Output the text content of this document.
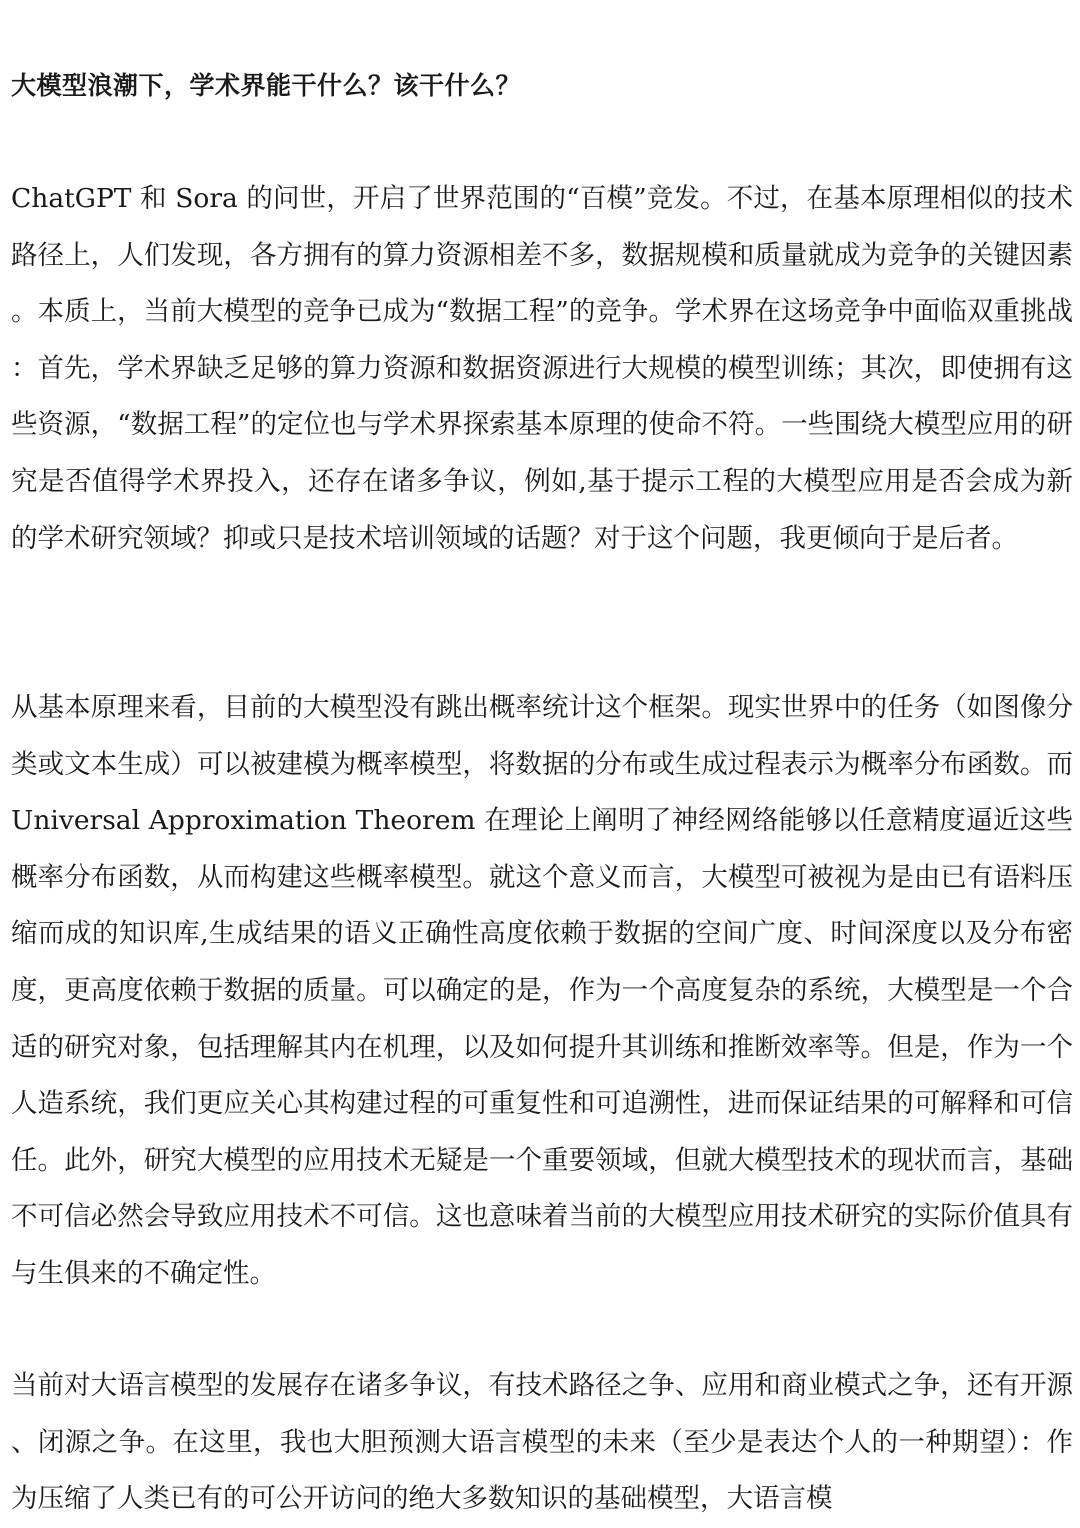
大模型浪潮下，学术界能干什么？该干什么？

ChatGPT 和 Sora 的问世，开启了世界范围的“百模”竞发。不过，在基本原理相似的技术路径上，人们发现，各方拥有的算力资源相差不多，数据规模和质量就成为竞争的关键因素。本质上，当前大模型的竞争已成为“数据工程”的竞争。学术界在这场竞争中面临双重挑战：首先，学术界缺乏足够的算力资源和数据资源进行大规模的模型训练；其次，即使拥有这些资源，“数据工程”的定位也与学术界探索基本原理的使命不符。一些围绕大模型应用的研究是否值得学术界投入，还存在诸多争议，例如,基于提示工程的大模型应用是否会成为新的学术研究领域？抑或只是技术培训领域的话题？对于这个问题，我更倾向于是后者。

从基本原理来看，目前的大模型没有跳出概率统计这个框架。现实世界中的任务（如图像分类或文本生成）可以被建模为概率模型，将数据的分布或生成过程表示为概率分布函数。而 Universal Approximation Theorem 在理论上阐明了神经网络能够以任意精度逼近这些概率分布函数，从而构建这些概率模型。就这个意义而言，大模型可被视为是由已有语料压缩而成的知识库,生成结果的语义正确性高度依赖于数据的空间广度、时间深度以及分布密度，更高度依赖于数据的质量。可以确定的是，作为一个高度复杂的系统，大模型是一个合适的研究对象，包括理解其内在机理，以及如何提升其训练和推断效率等。但是，作为一个人造系统，我们更应关心其构建过程的可重复性和可追溯性，进而保证结果的可解释和可信任。此外，研究大模型的应用技术无疑是一个重要领域，但就大模型技术的现状而言，基础不可信必然会导致应用技术不可信。这也意味着当前的大模型应用技术研究的实际价值具有与生俱来的不确定性。

当前对大语言模型的发展存在诸多争议，有技术路径之争、应用和商业模式之争，还有开源、闭源之争。在这里，我也大胆预测大语言模型的未来（至少是表达个人的一种期望）：作为压缩了人类已有的可公开访问的绝大多数知识的基础模型，大语言模
